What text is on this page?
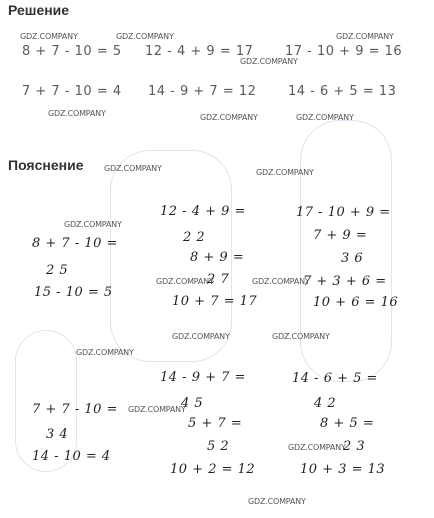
Решение
8 + 7 - 10 = 5 12 - 4 + 9 = 17 17 - 10 + 9 = 16
7 + 7 - 10 = 4 14 - 9 + 7 = 12 14 - 6 + 5 = 13
Пояснение
8 + 7 - 10 =
2 5
15 - 10 = 5
12 - 4 + 9 =
2 2
8 + 9 =
2 7
10 + 7 = 17
17 - 10 + 9 =
7 + 9 =
3 6
7 + 3 + 6 =
10 + 6 = 16
7 + 7 - 10 =
3 4
14 - 10 = 4
14 - 9 + 7 =
4 5
5 + 7 =
5 2
10 + 2 = 12
14 - 6 + 5 =
4 2
8 + 5 =
2 3
10 + 3 = 13
GDZ.COMPANY	GDZ.COMPANY	GDZ.COMPANY
GDZ.COMPANY
GDZ.COMPANY	GDZ.COMPANY	GDZ.COMPANY
GDZ.COMPANY	GDZ.COMPANY
GDZ.COMPANY
GDZ.COMPANY	GDZ.COMPANY
GDZ.COMPANY	GDZ.COMPANY
GDZ.COMPANY
GDZ.COMPANY
GDZ.COMPANY
GDZ.COMPANY
